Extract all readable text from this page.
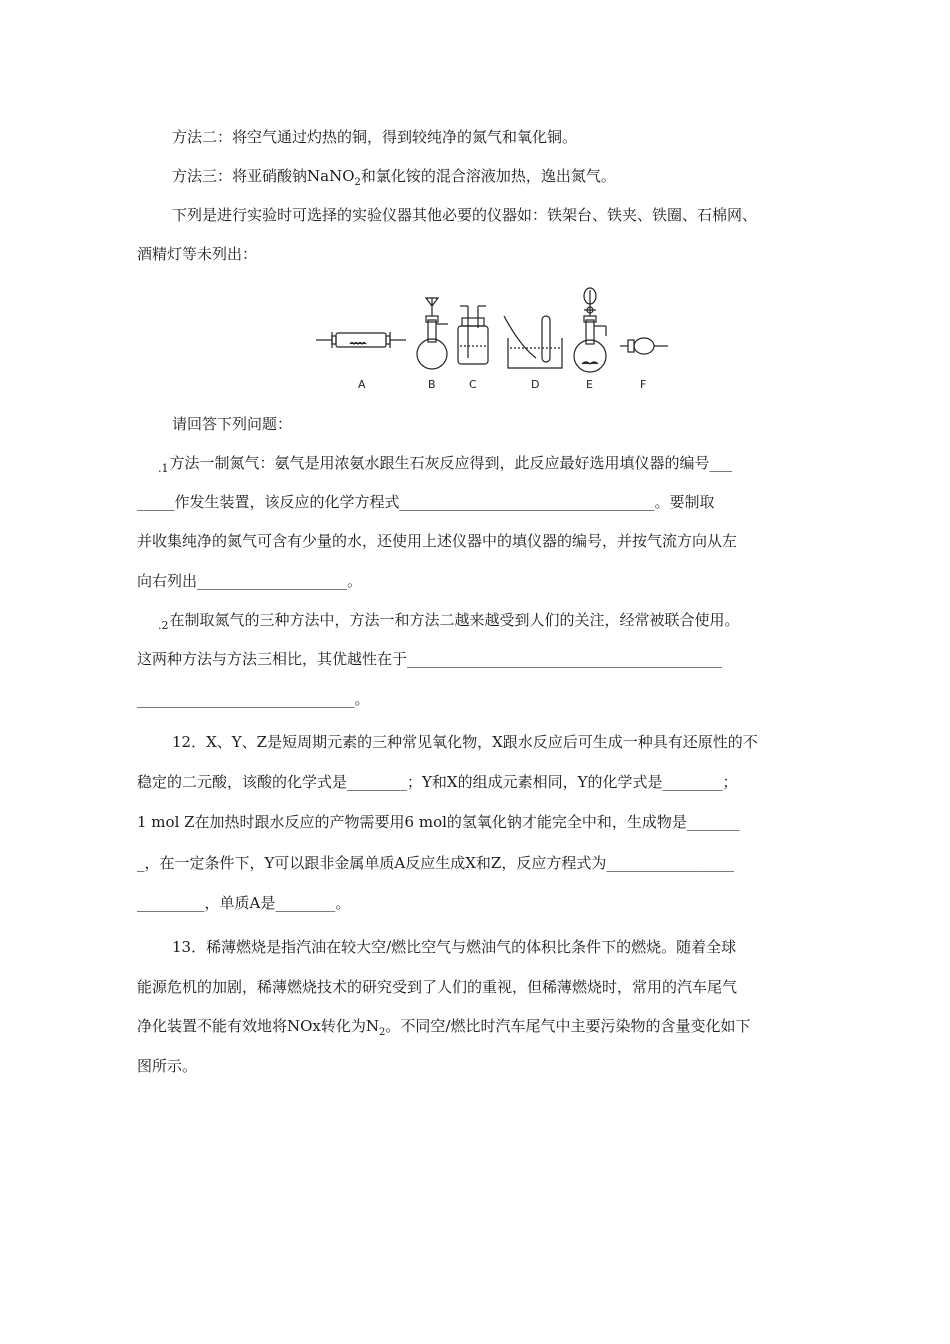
方法二：将空气通过灼热的铜，得到较纯净的氮气和氧化铜。
方法三：将亚硝酸钠NaNO$_2$和氯化铵的混合溶液加热，逸出氮气。
下列是进行实验时可选择的实验仪器其他必要的仪器如：铁架台、铁夹、铁圈、石棉网、
酒精灯等未列出：
A	B	C	D	E	F
请回答下列问题：
$_{.1}$方法一制氮气：氨气是用浓氨水跟生石灰反应得到，此反应最好选用填仪器的编号___
_____作发生装置，该反应的化学方程式__________________________________。要制取
并收集纯净的氮气可含有少量的水，还使用上述仪器中的填仪器的编号，并按气流方向从左
向右列出____________________。
$_{.2}$在制取氮气的三种方法中，方法一和方法二越来越受到人们的关注，经常被联合使用。
这两种方法与方法三相比，其优越性在于__________________________________________
_____________________________。
12．X、Y、Z是短周期元素的三种常见氧化物，X跟水反应后可生成一种具有还原性的不
稳定的二元酸，该酸的化学式是________；Y和X的组成元素相同，Y的化学式是________；
1 mol Z在加热时跟水反应的产物需要用6 mol的氢氧化钠才能完全中和，生成物是_______
_，在一定条件下，Y可以跟非金属单质A反应生成X和Z，反应方程式为_________________
_________，单质A是________。
13．稀薄燃烧是指汽油在较大空/燃比空气与燃油气的体积比条件下的燃烧。随着全球
能源危机的加剧，稀薄燃烧技术的研究受到了人们的重视，但稀薄燃烧时，常用的汽车尾气
净化装置不能有效地将NOx转化为$N_2$。不同空/燃比时汽车尾气中主要污染物的含量变化如下
图所示。
